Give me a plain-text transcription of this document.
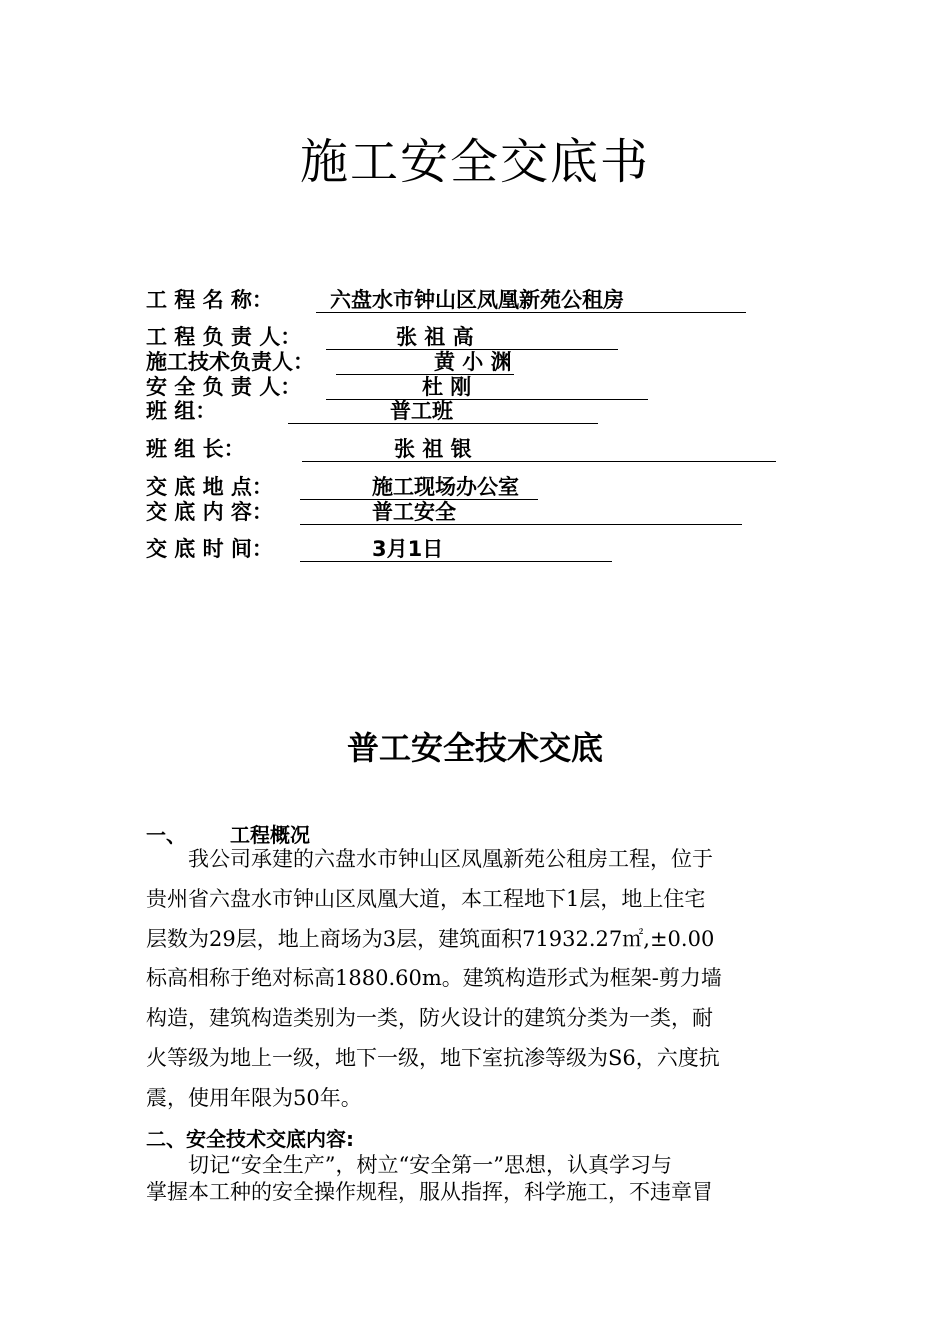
施工安全交底书
工 程 名 称：	六盘水市钟山区凤凰新苑公租房
工 程 负 责 人：	张 祖 高
施工技术负责人：	黄 小 渊
安 全 负 责 人：	杜 刚
班 组：	普工班
班 组 长：	张 祖 银
交 底 地 点：	施工现场办公室
交 底 内 容：	普工安全
交 底 时 间：	3月1日
普工安全技术交底
一、 工程概况
我公司承建的六盘水市钟山区凤凰新苑公租房工程，位于
贵州省六盘水市钟山区凤凰大道，本工程地下1层，地上住宅
层数为29层，地上商场为3层，建筑面积71932.27㎡,±0.00
标高相称于绝对标高1880.60m。建筑构造形式为框架-剪力墙
构造，建筑构造类别为一类，防火设计的建筑分类为一类，耐
火等级为地上一级，地下一级，地下室抗渗等级为S6，六度抗
震，使用年限为50年。
二、安全技术交底内容:
切记“安全生产”，树立“安全第一”思想，认真学习与
掌握本工种的安全操作规程，服从指挥，科学施工，不违章冒
